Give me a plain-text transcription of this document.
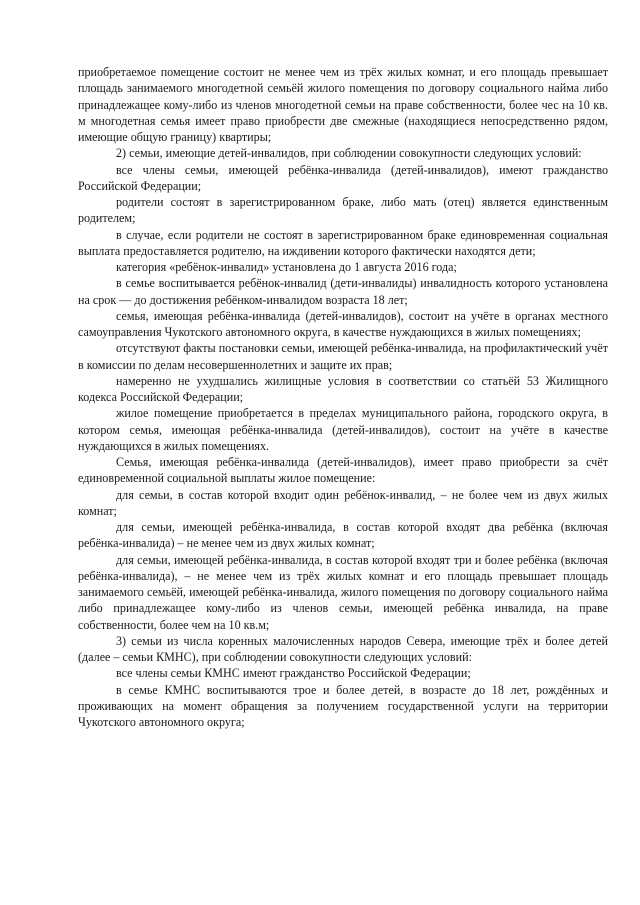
приобретаемое помещение состоит не менее чем из трёх жилых комнат, и его площадь превышает площадь занимаемого многодетной семьёй жилого помещения по договору социального найма либо принадлежащее кому-либо из членов многодетной семьи на праве собственности, более чес на 10 кв. м многодетная семья имеет право приобрести две смежные (находящиеся непосредственно рядом, имеющие общую границу) квартиры;

2) семьи, имеющие детей-инвалидов, при соблюдении совокупности следующих условий:

все члены семьи, имеющей ребёнка-инвалида (детей-инвалидов), имеют гражданство Российской Федерации;

родители состоят в зарегистрированном браке, либо мать (отец) является единственным родителем;

в случае, если родители не состоят в зарегистрированном браке единовременная социальная выплата предоставляется родителю, на иждивении которого фактически находятся дети;

категория «ребёнок-инвалид» установлена до 1 августа 2016 года;

в семье воспитывается ребёнок-инвалид (дети-инвалиды) инвалидность которого установлена на срок — до достижения ребёнком-инвалидом возраста 18 лет;

семья, имеющая ребёнка-инвалида (детей-инвалидов), состоит на учёте в органах местного самоуправления Чукотского автономного округа, в качестве нуждающихся в жилых помещениях;

отсутствуют факты постановки семьи, имеющей ребёнка-инвалида, на профилактический учёт в комиссии по делам несовершеннолетних и защите их прав;

намеренно не ухудшались жилищные условия в соответствии со статьёй 53 Жилищного кодекса Российской Федерации;

жилое помещение приобретается в пределах муниципального района, городского округа, в котором семья, имеющая ребёнка-инвалида (детей-инвалидов), состоит на учёте в качестве нуждающихся в жилых помещениях.

Семья, имеющая ребёнка-инвалида (детей-инвалидов), имеет право приобрести за счёт единовременной социальной выплаты жилое помещение:

для семьи, в состав которой входит один ребёнок-инвалид, – не более чем из двух жилых комнат;

для семьи, имеющей ребёнка-инвалида, в состав которой входят два ребёнка (включая ребёнка-инвалида) – не менее чем из двух жилых комнат;

для семьи, имеющей ребёнка-инвалида, в состав которой входят три и более ребёнка (включая ребёнка-инвалида), – не менее чем из трёх жилых комнат и его площадь превышает площадь занимаемого семьёй, имеющей ребёнка-инвалида, жилого помещения по договору социального найма либо принадлежащее кому-либо из членов семьи, имеющей ребёнка инвалида, на праве собственности, более чем на 10 кв.м;

3) семьи из числа коренных малочисленных народов Севера, имеющие трёх и более детей (далее – семьи КМНС), при соблюдении совокупности следующих условий:

все члены семьи КМНС имеют гражданство Российской Федерации;

в семье КМНС воспитываются трое и более детей, в возрасте до 18 лет, рождённых и проживающих на момент обращения за получением государственной услуги на территории Чукотского автономного округа;
